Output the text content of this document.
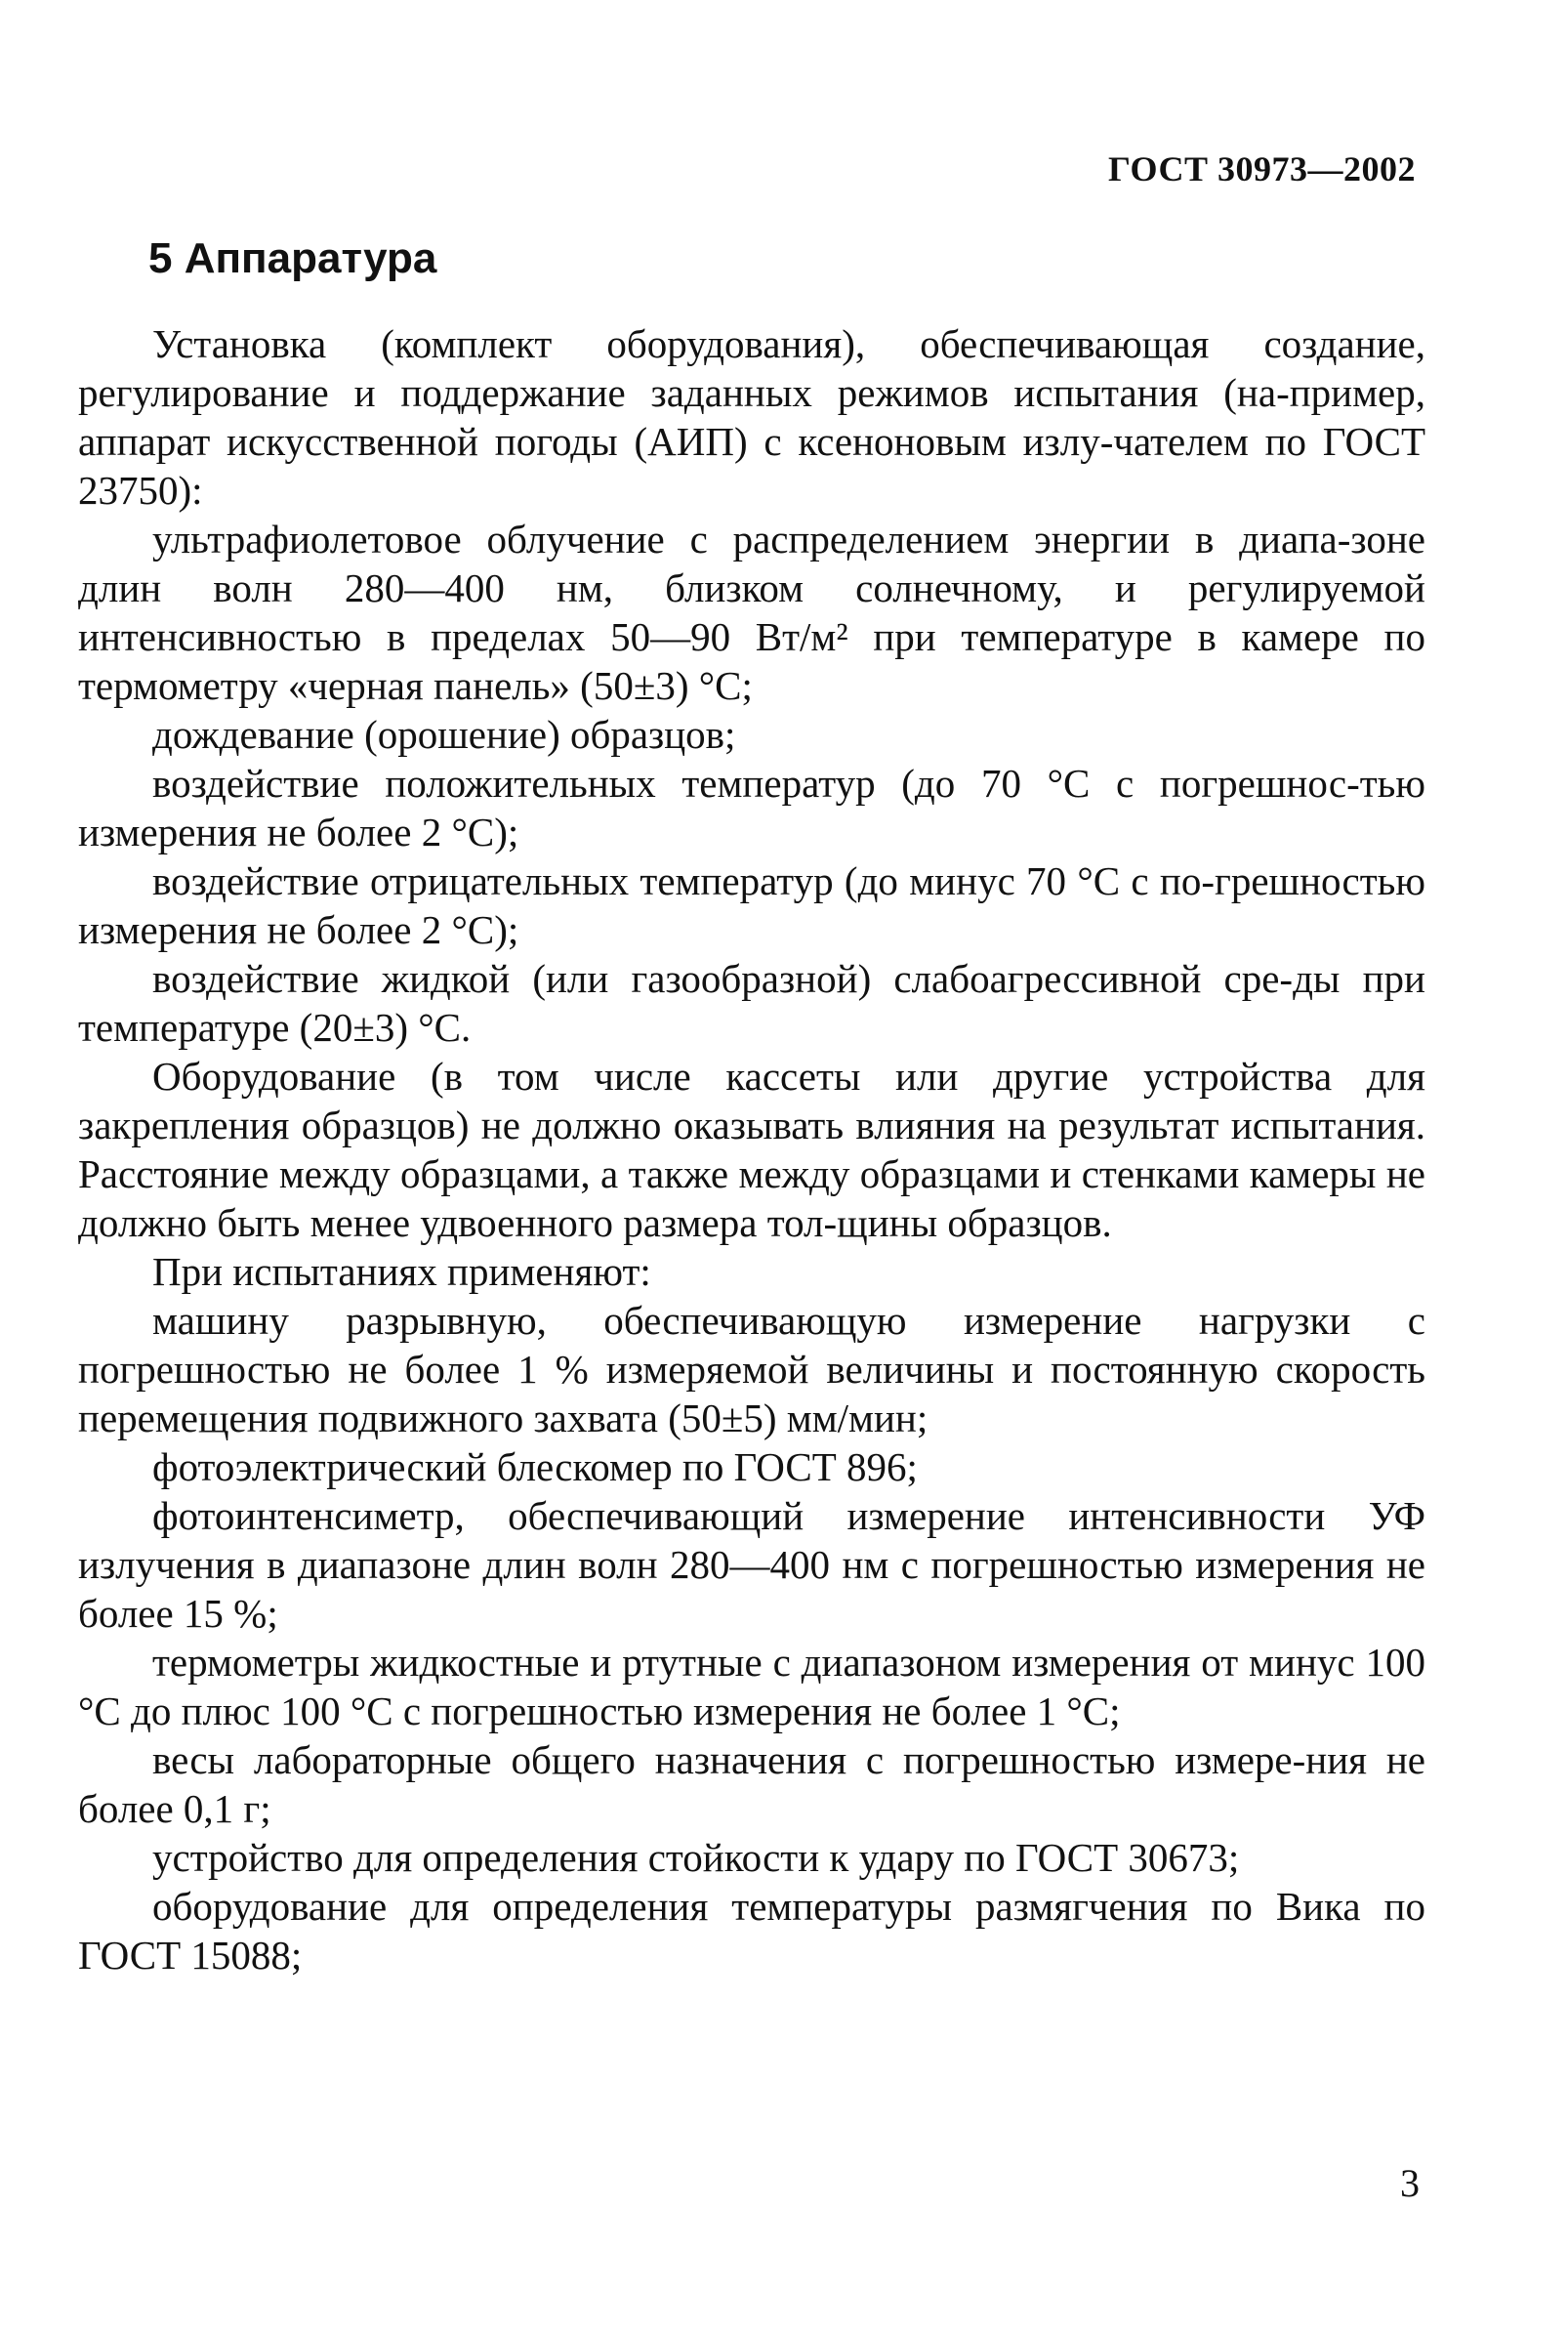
ГОСТ 30973—2002

5 Аппаратура

Установка (комплект оборудования), обеспечивающая создание, регулирование и поддержание заданных режимов испытания (на-пример, аппарат искусственной погоды (АИП) с ксеноновым излу-чателем по ГОСТ 23750):

ультрафиолетовое облучение с распределением энергии в диапа-зоне длин волн 280—400 нм, близком солнечному, и регулируемой интенсивностью в пределах 50—90 Вт/м² при температуре в камере по термометру «черная панель» (50±3) °С;

дождевание (орошение) образцов;

воздействие положительных температур (до 70 °С с погрешнос-тью измерения не более 2 °С);

воздействие отрицательных температур (до минус 70 °С с по-грешностью измерения не более 2 °С);

воздействие жидкой (или газообразной) слабоагрессивной сре-ды при температуре (20±3) °С.

Оборудование (в том числе кассеты или другие устройства для закрепления образцов) не должно оказывать влияния на результат испытания. Расстояние между образцами, а также между образцами и стенками камеры не должно быть менее удвоенного размера тол-щины образцов.

При испытаниях применяют:

машину разрывную, обеспечивающую измерение нагрузки с погрешностью не более 1 % измеряемой величины и постоянную скорость перемещения подвижного захвата (50±5) мм/мин;

фотоэлектрический блескомер по ГОСТ 896;

фотоинтенсиметр, обеспечивающий измерение интенсивности УФ излучения в диапазоне длин волн 280—400 нм с погрешностью измерения не более 15 %;

термометры жидкостные и ртутные с диапазоном измерения от минус 100 °С до плюс 100 °С с погрешностью измерения не более 1 °С;

весы лабораторные общего назначения с погрешностью измере-ния не более 0,1 г;

устройство для определения стойкости к удару по ГОСТ 30673;

оборудование для определения температуры размягчения по Вика по ГОСТ 15088;

3
